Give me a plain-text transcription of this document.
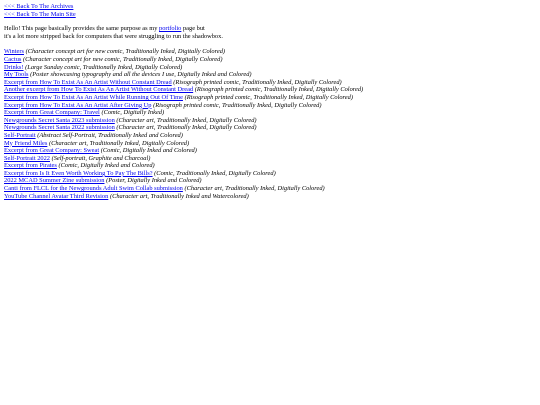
<<< Back To The Archives
<<< Back To The Main Site
Hello! This page basically provides the same purpose as my portfolio page but
it's a lot more stripped back for computers that were struggling to run the shadowbox.
Winters (Character concept art for new comic, Traditionally Inked, Digitally Colored)
Cactus (Character concept art for new comic, Traditionally Inked, Digitally Colored)
Drinks! (Large Sunday comic, Traditionally Inked, Digitally Colored)
My Tools (Poster showcasing typography and all the devices I use, Digitally Inked and Colored)
Excerpt from How To Exist As An Artist Without Constant Dread (Risograph printed comic, Traditionally Inked, Digitally Colored)
Another excerpt from How To Exist As An Artist Without Constant Dread (Risograph printed comic, Traditionally Inked, Digitally Colored)
Excerpt from How To Exist As An Artist While Running Out Of Time (Risograph printed comic, Traditionally Inked, Digitally Colored)
Excerpt from How To Exist As An Artist After Giving Up (Risograph printed comic, Traditionally Inked, Digitally Colored)
Excerpt from Great Company: Travel (Comic, Digitally Inked)
Newgrounds Secret Santa 2023 submission (Character art, Traditionally Inked, Digitally Colored)
Newgrounds Secret Santa 2022 submission (Character art, Traditionally Inked, Digitally Colored)
Self-Portrait (Abstract Self-Portrait, Traditionally Inked and Colored)
My Friend Miles (Character art, Traditionally Inked, Digitally Colored)
Excerpt from Great Company: Sweat (Comic, Digitally Inked and Colored)
Self-Portrait 2022 (Self-portrait, Graphite and Charcoal)
Excerpt from Pirates (Comic, Digitally Inked and Colored)
Excerpt from Is It Even Worth Working To Pay The Bills? (Comic, Traditionally Inked, Digitally Colored)
2022 MCAD Summer Zine submission (Poster, Digitally Inked and Colored)
Canti from FLCL for the Newgrounds Adult Swim Collab submission (Character art, Traditionally Inked, Digitally Colored)
YouTube Channel Avatar Third Revision (Character art, Traditionally Inked and Watercolored)
